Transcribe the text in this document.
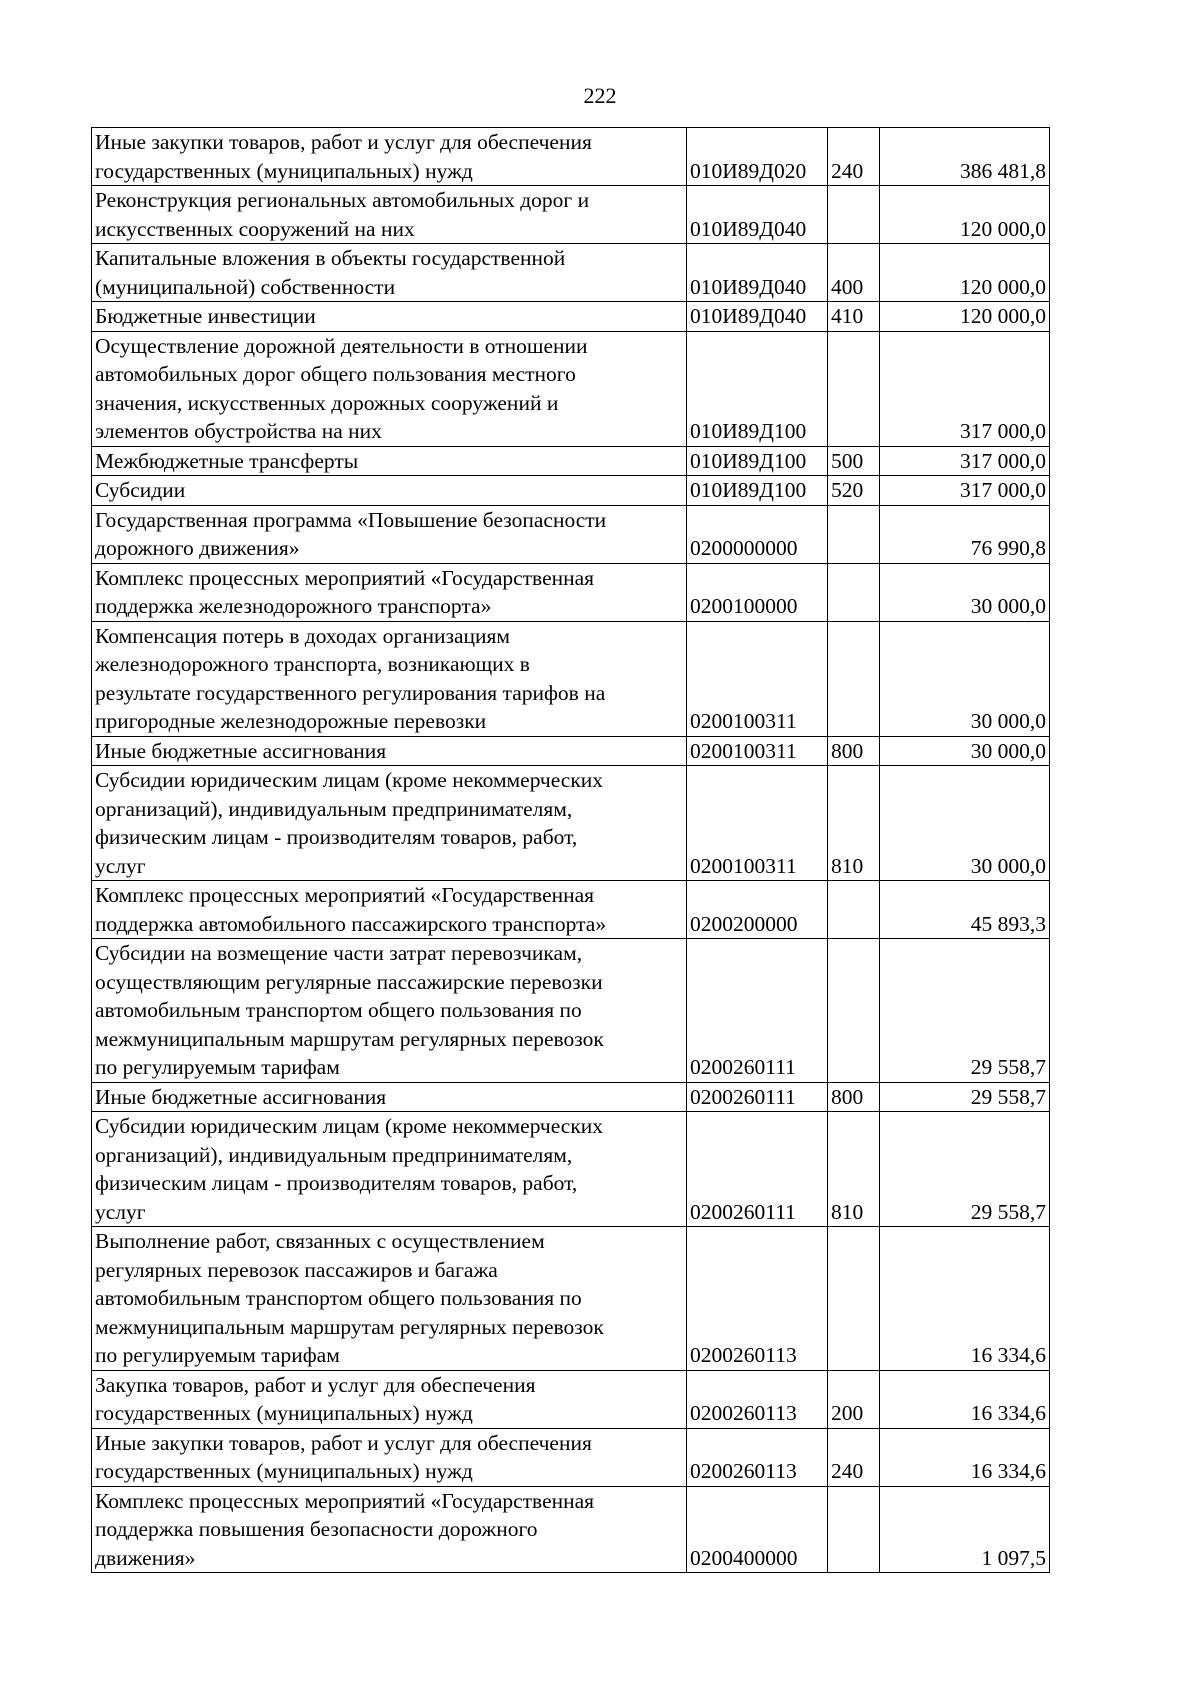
222
Иные закупки товаров, работ и услуг для обеспечения
государственных (муниципальных) нужд	010И89Д020	240	386 481,8
Реконструкция региональных автомобильных дорог и
искусственных сооружений на них	010И89Д040		120 000,0
Капитальные вложения в объекты государственной
(муниципальной) собственности	010И89Д040	400	120 000,0
Бюджетные инвестиции	010И89Д040	410	120 000,0
Осуществление дорожной деятельности в отношении
автомобильных дорог общего пользования местного
значения, искусственных дорожных сооружений и
элементов обустройства на них	010И89Д100		317 000,0
Межбюджетные трансферты	010И89Д100	500	317 000,0
Субсидии	010И89Д100	520	317 000,0
Государственная программа «Повышение безопасности
дорожного движения»	0200000000		76 990,8
Комплекс процессных мероприятий «Государственная
поддержка железнодорожного транспорта»	0200100000		30 000,0
Компенсация потерь в доходах организациям
железнодорожного транспорта, возникающих в
результате государственного регулирования тарифов на
пригородные железнодорожные перевозки	0200100311		30 000,0
Иные бюджетные ассигнования	0200100311	800	30 000,0
Субсидии юридическим лицам (кроме некоммерческих
организаций), индивидуальным предпринимателям,
физическим лицам - производителям товаров, работ,
услуг	0200100311	810	30 000,0
Комплекс процессных мероприятий «Государственная
поддержка автомобильного пассажирского транспорта»	0200200000		45 893,3
Субсидии на возмещение части затрат перевозчикам,
осуществляющим регулярные пассажирские перевозки
автомобильным транспортом общего пользования по
межмуниципальным маршрутам регулярных перевозок
по регулируемым тарифам	0200260111		29 558,7
Иные бюджетные ассигнования	0200260111	800	29 558,7
Субсидии юридическим лицам (кроме некоммерческих
организаций), индивидуальным предпринимателям,
физическим лицам - производителям товаров, работ,
услуг	0200260111	810	29 558,7
Выполнение работ, связанных с осуществлением
регулярных перевозок пассажиров и багажа
автомобильным транспортом общего пользования по
межмуниципальным маршрутам регулярных перевозок
по регулируемым тарифам	0200260113		16 334,6
Закупка товаров, работ и услуг для обеспечения
государственных (муниципальных) нужд	0200260113	200	16 334,6
Иные закупки товаров, работ и услуг для обеспечения
государственных (муниципальных) нужд	0200260113	240	16 334,6
Комплекс процессных мероприятий «Государственная
поддержка повышения безопасности дорожного
движения»	0200400000		1 097,5
